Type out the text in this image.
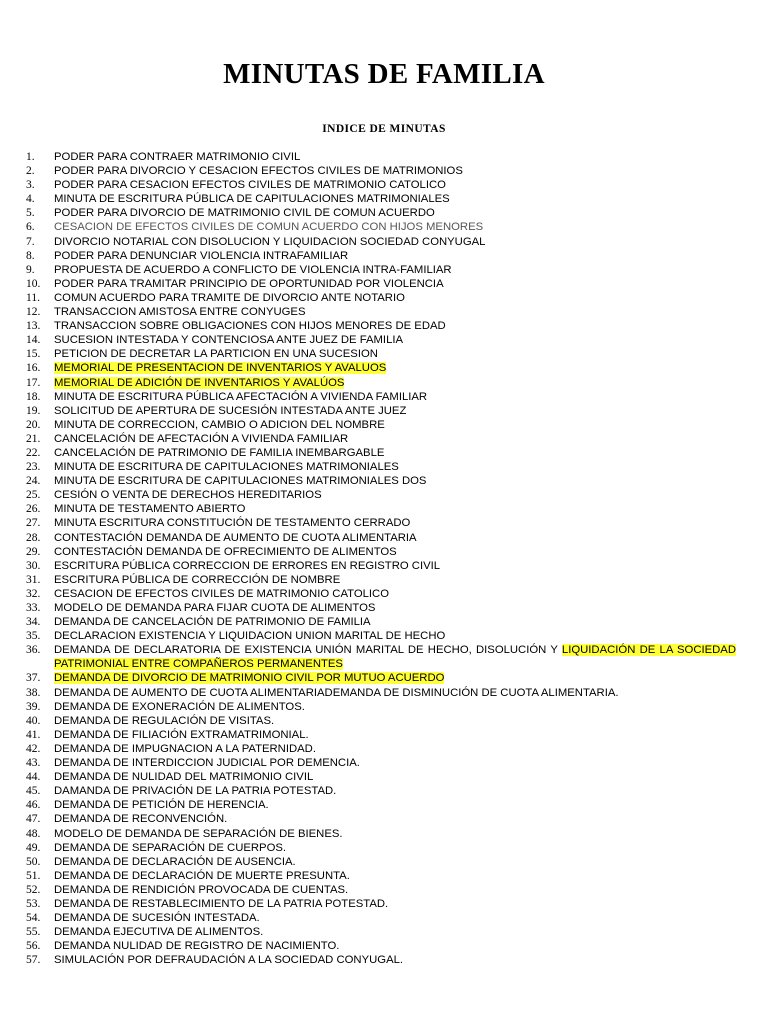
MINUTAS DE FAMILIA
INDICE DE MINUTAS
1.	PODER PARA CONTRAER MATRIMONIO CIVIL
2.	PODER PARA DIVORCIO Y CESACION EFECTOS CIVILES DE MATRIMONIOS
3.	PODER PARA CESACION EFECTOS CIVILES DE MATRIMONIO CATOLICO
4.	MINUTA DE ESCRITURA PÚBLICA DE CAPITULACIONES MATRIMONIALES
5.	PODER PARA DIVORCIO DE MATRIMONIO CIVIL DE COMUN ACUERDO
6.	CESACION DE EFECTOS CIVILES DE COMUN ACUERDO CON HIJOS MENORES
7.	DIVORCIO NOTARIAL CON DISOLUCION Y LIQUIDACION SOCIEDAD CONYUGAL
8.	PODER PARA DENUNCIAR VIOLENCIA INTRAFAMILIAR
9.	PROPUESTA DE ACUERDO A CONFLICTO DE VIOLENCIA INTRA-FAMILIAR
10.	PODER PARA TRAMITAR PRINCIPIO DE OPORTUNIDAD POR VIOLENCIA
11.	COMUN ACUERDO PARA TRAMITE DE DIVORCIO ANTE NOTARIO
12.	TRANSACCION AMISTOSA ENTRE CONYUGES
13.	TRANSACCION SOBRE OBLIGACIONES CON HIJOS MENORES DE EDAD
14.	SUCESION INTESTADA Y CONTENCIOSA ANTE JUEZ DE FAMILIA
15.	PETICION DE DECRETAR LA PARTICION EN UNA SUCESION
16.	MEMORIAL DE PRESENTACION DE INVENTARIOS Y AVALUOS
17.	MEMORIAL DE ADICIÓN DE INVENTARIOS Y AVALÚOS
18.	MINUTA DE ESCRITURA PÚBLICA AFECTACIÓN A VIVIENDA FAMILIAR
19.	SOLICITUD DE APERTURA DE SUCESIÓN INTESTADA ANTE JUEZ
20.	MINUTA DE CORRECCION, CAMBIO O ADICION DEL NOMBRE
21.	CANCELACIÓN DE AFECTACIÓN A VIVIENDA FAMILIAR
22.	CANCELACIÓN DE PATRIMONIO DE FAMILIA INEMBARGABLE
23.	MINUTA DE ESCRITURA DE CAPITULACIONES MATRIMONIALES
24.	MINUTA DE ESCRITURA DE CAPITULACIONES MATRIMONIALES DOS
25.	CESIÓN O VENTA DE DERECHOS HEREDITARIOS
26.	MINUTA DE TESTAMENTO ABIERTO
27.	MINUTA ESCRITURA CONSTITUCIÓN DE TESTAMENTO CERRADO
28.	CONTESTACIÓN DEMANDA DE AUMENTO DE CUOTA ALIMENTARIA
29.	CONTESTACIÓN DEMANDA DE OFRECIMIENTO DE ALIMENTOS
30.	ESCRITURA PÚBLICA CORRECCION DE ERRORES EN REGISTRO CIVIL
31.	ESCRITURA PÚBLICA DE CORRECCIÓN DE NOMBRE
32.	CESACION DE EFECTOS CIVILES DE MATRIMONIO CATOLICO
33.	MODELO DE DEMANDA PARA FIJAR CUOTA DE ALIMENTOS
34.	DEMANDA DE CANCELACIÓN DE PATRIMONIO DE FAMILIA
35.	DECLARACION EXISTENCIA Y LIQUIDACION UNION MARITAL DE HECHO
36.	DEMANDA DE DECLARATORIA DE EXISTENCIA UNIÓN MARITAL DE HECHO, DISOLUCIÓN Y LIQUIDACIÓN DE LA SOCIEDAD PATRIMONIAL ENTRE COMPAÑEROS PERMANENTES
37.	DEMANDA DE DIVORCIO DE MATRIMONIO CIVIL POR MUTUO ACUERDO
38.	DEMANDA DE AUMENTO DE CUOTA ALIMENTARIADEMANDA DE DISMINUCIÓN DE CUOTA ALIMENTARIA.
39.	DEMANDA DE EXONERACIÓN DE ALIMENTOS.
40.	DEMANDA DE REGULACIÓN DE VISITAS.
41.	DEMANDA DE FILIACIÓN EXTRAMATRIMONIAL.
42.	DEMANDA DE IMPUGNACION A LA PATERNIDAD.
43.	DEMANDA DE INTERDICCION JUDICIAL POR DEMENCIA.
44.	DEMANDA DE NULIDAD DEL MATRIMONIO CIVIL
45.	DAMANDA DE PRIVACIÓN DE LA PATRIA POTESTAD.
46.	DEMANDA DE PETICIÓN DE HERENCIA.
47.	DEMANDA DE RECONVENCIÓN.
48.	MODELO DE DEMANDA DE SEPARACIÓN DE BIENES.
49.	DEMANDA DE SEPARACIÓN DE CUERPOS.
50.	DEMANDA DE DECLARACIÓN DE AUSENCIA.
51.	DEMANDA DE DECLARACIÓN DE MUERTE PRESUNTA.
52.	DEMANDA DE RENDICIÓN PROVOCADA DE CUENTAS.
53.	DEMANDA DE RESTABLECIMIENTO DE LA PATRIA POTESTAD.
54.	DEMANDA DE SUCESIÓN INTESTADA.
55.	DEMANDA EJECUTIVA DE ALIMENTOS.
56.	DEMANDA NULIDAD DE REGISTRO DE NACIMIENTO.
57.	SIMULACIÓN POR DEFRAUDACIÓN A LA SOCIEDAD CONYUGAL.
